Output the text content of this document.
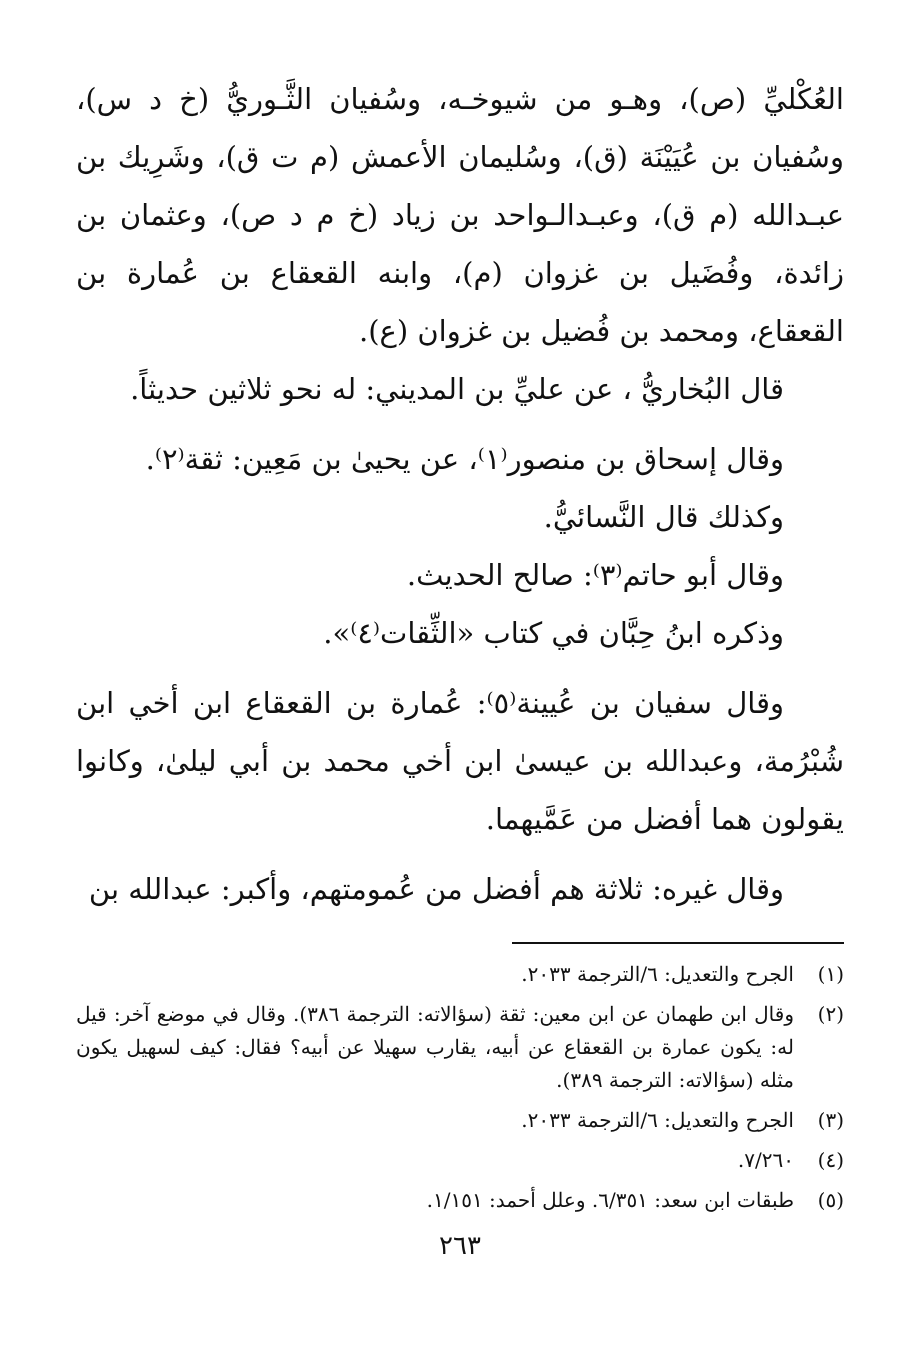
العُكْليِّ (ص)، وهـو من شيوخـه، وسُفيان الثَّـوريُّ (خ د س)، وسُفيان بن عُيَيْنَة (ق)، وسُليمان الأعمش (م ت ق)، وشَرِيك بن عبـدالله (م ق)، وعبـدالـواحد بن زياد (خ م د ص)، وعثمان بن زائدة، وفُضَيل بن غزوان (م)، وابنه القعقاع بن عُمارة بن القعقاع، ومحمد بن فُضيل بن غزوان (ع).

قال البُخاريُّ ، عن عليِّ بن المديني: له نحو ثلاثين حديثاً.

وقال إسحاق بن منصور⁽١⁾، عن يحيىٰ بن مَعِين: ثقة⁽٢⁾.

وكذلك قال النَّسائيُّ.

وقال أبو حاتم⁽٣⁾: صالح الحديث.

وذكره ابنُ حِبَّان في كتاب «الثِّقات⁽٤⁾».

وقال سفيان بن عُيينة⁽٥⁾: عُمارة بن القعقاع ابن أخي ابن شُبْرُمة، وعبدالله بن عيسىٰ ابن أخي محمد بن أبي ليلىٰ، وكانوا يقولون هما أفضل من عَمَّيهما.

وقال غيره: ثلاثة هم أفضل من عُمومتهم، وأكبر: عبدالله بن

(١)
الجرح والتعديل: ٦/الترجمة ٢٠٣٣.
(٢)
وقال ابن طهمان عن ابن معين: ثقة (سؤالاته: الترجمة ٣٨٦). وقال في موضع آخر: قيل له: يكون عمارة بن القعقاع عن أبيه، يقارب سهيلا عن أبيه؟ فقال: كيف لسهيل يكون مثله (سؤالاته: الترجمة ٣٨٩).
(٣)
الجرح والتعديل: ٦/الترجمة ٢٠٣٣.
(٤)
٧/٢٦٠.
(٥)
طبقات ابن سعد: ٦/٣٥١. وعلل أحمد: ١/١٥١.
٢٦٣
